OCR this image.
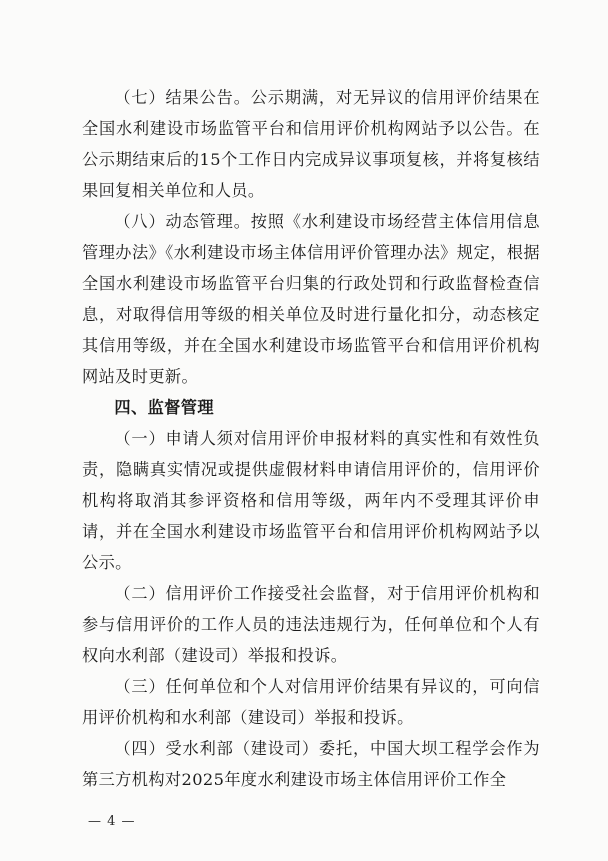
（七）结果公告。公示期满，对无异议的信用评价结果在全国水利建设市场监管平台和信用评价机构网站予以公告。在公示期结束后的15个工作日内完成异议事项复核，并将复核结果回复相关单位和人员。

（八）动态管理。按照《水利建设市场经营主体信用信息管理办法》《水利建设市场主体信用评价管理办法》规定，根据全国水利建设市场监管平台归集的行政处罚和行政监督检查信息，对取得信用等级的相关单位及时进行量化扣分，动态核定其信用等级，并在全国水利建设市场监管平台和信用评价机构网站及时更新。

四、监督管理

（一）申请人须对信用评价申报材料的真实性和有效性负责，隐瞒真实情况或提供虚假材料申请信用评价的，信用评价机构将取消其参评资格和信用等级，两年内不受理其评价申请，并在全国水利建设市场监管平台和信用评价机构网站予以公示。

（二）信用评价工作接受社会监督，对于信用评价机构和参与信用评价的工作人员的违法违规行为，任何单位和个人有权向水利部（建设司）举报和投诉。

（三）任何单位和个人对信用评价结果有异议的，可向信用评价机构和水利部（建设司）举报和投诉。

（四）受水利部（建设司）委托，中国大坝工程学会作为第三方机构对2025年度水利建设市场主体信用评价工作全

— 4 —
